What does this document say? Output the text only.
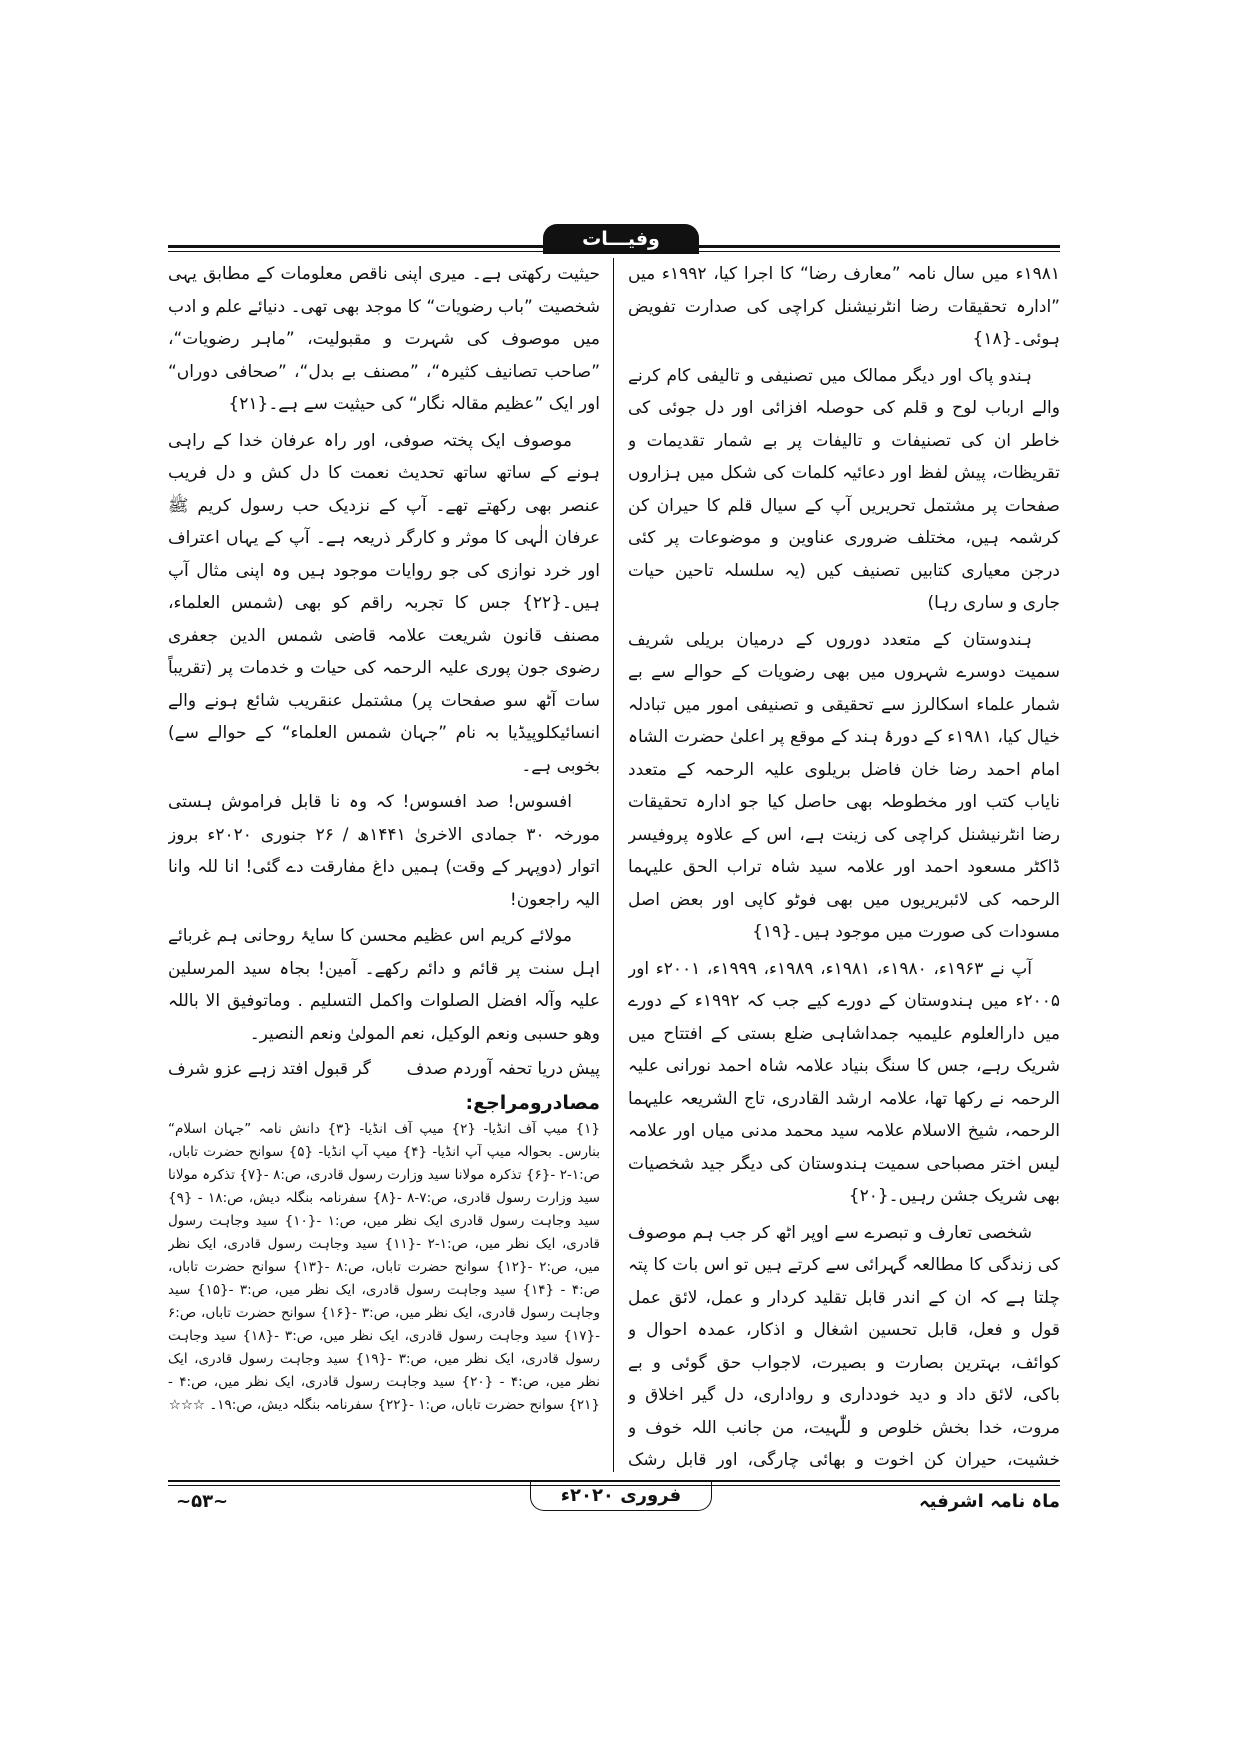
وفیـــات

۱۹۸۱ء میں سال نامہ ”معارف رضا“ کا اجرا کیا، ۱۹۹۲ء میں ”ادارہ تحقیقات رضا انٹرنیشنل کراچی کی صدارت تفویض ہوئی۔{۱۸}

ہندو پاک اور دیگر ممالک میں تصنیفی و تالیفی کام کرنے والے ارباب لوح و قلم کی حوصلہ افزائی اور دل جوئی کی خاطر ان کی تصنیفات و تالیفات پر بے شمار تقدیمات و تقریظات، پیش لفظ اور دعائیہ کلمات کی شکل میں ہزاروں صفحات پر مشتمل تحریریں آپ کے سیال قلم کا حیران کن کرشمہ ہیں، مختلف ضروری عناوین و موضوعات پر کئی درجن معیاری کتابیں تصنیف کیں (یہ سلسلہ تاحین حیات جاری و ساری رہا)

ہندوستان کے متعدد دوروں کے درمیان بریلی شریف سمیت دوسرے شہروں میں بھی رضویات کے حوالے سے بے شمار علماء اسکالرز سے تحقیقی و تصنیفی امور میں تبادلہ خیال کیا، ۱۹۸۱ء کے دورۂ ہند کے موقع پر اعلیٰ حضرت الشاہ امام احمد رضا خان فاضل بریلوی علیہ الرحمہ کے متعدد نایاب کتب اور مخطوطہ بھی حاصل کیا جو ادارہ تحقیقات رضا انٹرنیشنل کراچی کی زینت ہے، اس کے علاوہ پروفیسر ڈاکٹر مسعود احمد اور علامہ سید شاہ تراب الحق علیہما الرحمہ کی لائبریریوں میں بھی فوٹو کاپی اور بعض اصل مسودات کی صورت میں موجود ہیں۔{۱۹}

آپ نے ۱۹۶۳ء، ۱۹۸۰ء، ۱۹۸۱ء، ۱۹۸۹ء، ۱۹۹۹ء، ۲۰۰۱ء اور ۲۰۰۵ء میں ہندوستان کے دورے کیے جب کہ ۱۹۹۲ء کے دورے میں دارالعلوم علیمیہ جمداشاہی ضلع بستی کے افتتاح میں شریک رہے، جس کا سنگ بنیاد علامہ شاہ احمد نورانی علیہ الرحمہ نے رکھا تھا، علامہ ارشد القادری، تاج الشریعہ علیہما الرحمہ، شیخ الاسلام علامہ سید محمد مدنی میاں اور علامہ لیس اختر مصباحی سمیت ہندوستان کی دیگر جید شخصیات بھی شریک جشن رہیں۔{۲۰}

شخصی تعارف و تبصرے سے اوپر اٹھ کر جب ہم موصوف کی زندگی کا مطالعہ گہرائی سے کرتے ہیں تو اس بات کا پتہ چلتا ہے کہ ان کے اندر قابل تقلید کردار و عمل، لائق عمل قول و فعل، قابل تحسین اشغال و اذکار، عمدہ احوال و کوائف، بہترین بصارت و بصیرت، لاجواب حق گوئی و بے باکی، لائق داد و دید خودداری و رواداری، دل گیر اخلاق و مروت، خدا بخش خلوص و للّٰہیت، من جانب اللہ خوف و خشیت، حیران کن اخوت و بھائی چارگی، اور قابل رشک

حیثیت رکھتی ہے۔ میری اپنی ناقص معلومات کے مطابق یہی شخصیت ”باب رضویات“ کا موجد بھی تھی۔ دنیائے علم و ادب میں موصوف کی شہرت و مقبولیت، ”ماہر رضویات“، ”صاحب تصانیف کثیرہ“، ”مصنف بے بدل“، ”صحافی دوراں“ اور ایک ”عظیم مقالہ نگار“ کی حیثیت سے ہے۔{۲۱}

موصوف ایک پختہ صوفی، اور راہ عرفان خدا کے راہی ہونے کے ساتھ ساتھ تحدیث نعمت کا دل کش و دل فریب عنصر بھی رکھتے تھے۔ آپ کے نزدیک حب رسول کریم ﷺ عرفان الٰہی کا موثر و کارگر ذریعہ ہے۔ آپ کے یہاں اعتراف اور خرد نوازی کی جو روایات موجود ہیں وہ اپنی مثال آپ ہیں۔{۲۲} جس کا تجربہ راقم کو بھی (شمس العلماء، مصنف قانون شریعت علامہ قاضی شمس الدین جعفری رضوی جون پوری علیہ الرحمہ کی حیات و خدمات پر (تقریباً سات آٹھ سو صفحات پر) مشتمل عنقریب شائع ہونے والے انسائیکلوپیڈیا بہ نام ”جہان شمس العلماء“ کے حوالے سے) بخوبی ہے۔

افسوس! صد افسوس! کہ وہ نا قابل فراموش ہستی مورخہ ۳۰ جمادی الاخریٰ ۱۴۴۱ھ / ۲۶ جنوری ۲۰۲۰ء بروز اتوار (دوپہر کے وقت) ہمیں داغ مفارقت دے گئی! انا للہ وانا الیہ راجعون!

مولائے کریم اس عظیم محسن کا سایۂ روحانی ہم غربائے اہل سنت پر قائم و دائم رکھے۔ آمین! بجاہ سید المرسلین علیہ وآلہ افضل الصلوات واکمل التسلیم . وماتوفیق الا باللہ وھو حسبی ونعم الوکیل، نعم المولیٰ ونعم النصیر۔

پیش دریا تحفہ آوردم صدف
گر قبول افتد زہے عزو شرف
مصادرومراجع:

{۱} میپ آف انڈیا- {۲} میپ آف انڈیا- {۳} دانش نامہ ”جہان اسلام“ بنارس۔ بحوالہ میپ آپ انڈیا- {۴} میپ آپ انڈیا- {۵} سوانح حضرت تاباں، ص:۱-۲ -{۶} تذکرہ مولانا سید وزارت رسول قادری، ص:۸ -{۷} تذکرہ مولانا سید وزارت رسول قادری، ص:۷-۸ -{۸} سفرنامہ بنگلہ دیش، ص:۱۸ - {۹} سید وجاہت رسول قادری ایک نظر میں، ص:۱ -{۱۰} سید وجاہت رسول قادری، ایک نظر میں، ص:۱-۲ -{۱۱} سید وجاہت رسول قادری، ایک نظر میں، ص:۲ -{۱۲} سوانح حضرت تاباں، ص:۸ -{۱۳} سوانح حضرت تاباں، ص:۴ - {۱۴} سید وجاہت رسول قادری، ایک نظر میں، ص:۳ -{۱۵} سید وجاہت رسول قادری، ایک نظر میں، ص:۳ -{۱۶} سوانح حضرت تاباں، ص:۶ -{۱۷} سید وجاہت رسول قادری، ایک نظر میں، ص:۳ -{۱۸} سید وجاہت رسول قادری، ایک نظر میں، ص:۳ -{۱۹} سید وجاہت رسول قادری، ایک نظر میں، ص:۴ - {۲۰} سید وجاہت رسول قادری، ایک نظر میں، ص:۴ -{۲۱} سوانح حضرت تاباں، ص:۱ -{۲۲} سفرنامہ بنگلہ دیش، ص:۱۹۔ ☆☆☆

ماہ نامہ اشرفیہ
فروری ۲۰۲۰ء
~۵۳~
